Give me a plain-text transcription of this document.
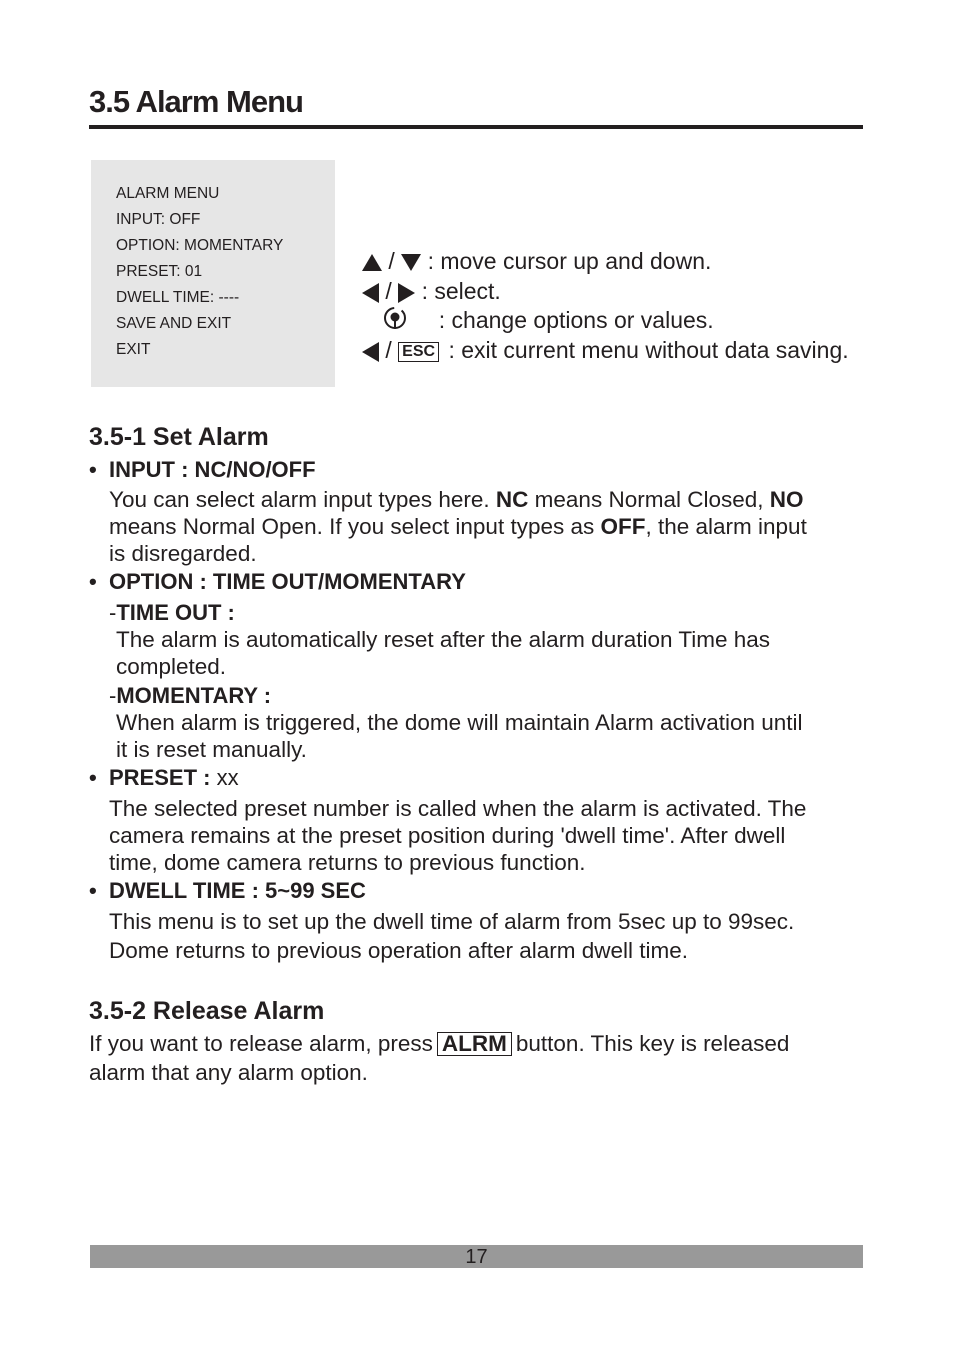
3.5 Alarm Menu
ALARM MENU
INPUT: OFF
OPTION: MOMENTARY
PRESET: 01
DWELL TIME: ----
SAVE AND EXIT
EXIT
/ : move cursor up and down.
/ : select.
: change options or values.
/ ESC : exit current menu without data saving.
3.5-1 Set Alarm
• INPUT : NC/NO/OFF
You can select alarm input types here. NC means Normal Closed, NO
means Normal Open. If you select input types as OFF, the alarm input
is disregarded.
• OPTION : TIME OUT/MOMENTARY
-TIME OUT :
The alarm is automatically reset after the alarm duration Time has
completed.
-MOMENTARY :
When alarm is triggered, the dome will maintain Alarm activation until
it is reset manually.
• PRESET : xx
The selected preset number is called when the alarm is activated. The
camera remains at the preset position during 'dwell time'. After dwell
time, dome camera returns to previous function.
• DWELL TIME : 5~99 SEC
This menu is to set up the dwell time of alarm from 5sec up to 99sec.
Dome returns to previous operation after alarm dwell time.
3.5-2 Release Alarm
If you want to release alarm, press ALRM button. This key is released
alarm that any alarm option.
17
